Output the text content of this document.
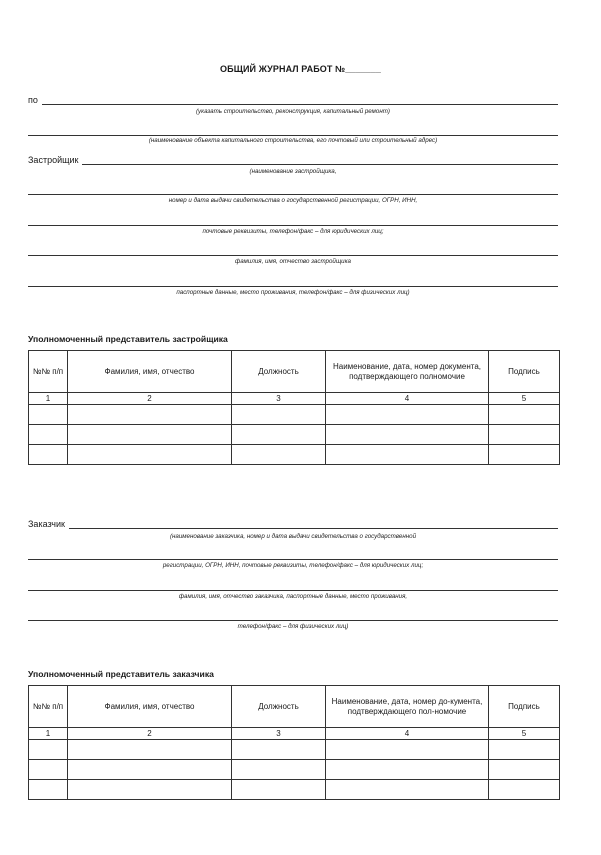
ОБЩИЙ ЖУРНАЛ РАБОТ №_______
по
(указать строительство, реконструкция, капитальный ремонт)
(наименование объекта капитального строительства, его почтовый или строительный адрес)
Застройщик
(наименование застройщика,
номер и дата выдачи свидетельства о государственной регистрации, ОГРН, ИНН,
почтовые реквизиты, телефон/факс – для юридических лиц;
фамилия, имя, отчество застройщика
паспортные данные, место проживания, телефон/факс – для физических лиц)
Уполномоченный представитель застройщика
№№ п/п	Фамилия, имя, отчество	Должность	Наименование, дата, номер документа, подтверждающего полномочие	Подпись
1	2	3	4	5

Заказчик
(наименование заказчика, номер и дата выдачи свидетельства о государственной
регистрации, ОГРН, ИНН, почтовые реквизиты, телефон/факс – для юридических лиц;
фамилия, имя, отчество заказчика, паспортные данные, место проживания,
телефон/факс – для физических лиц)
Уполномоченный представитель заказчика
№№ п/п	Фамилия, имя, отчество	Должность	Наименование, дата, номер до-кумента, подтверждающего пол-номочие	Подпись
1	2	3	4	5
